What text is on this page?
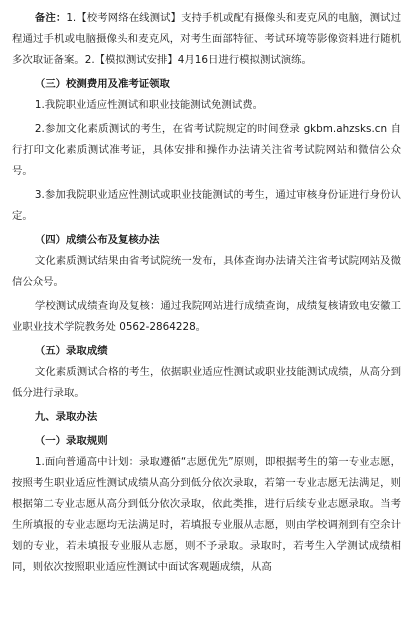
备注：1.【校考网络在线测试】支持手机或配有摄像头和麦克风的电脑，测试过程通过手机或电脑摄像头和麦克风，对考生面部特征、考试环境等影像资料进行随机多次取证备案。2.【模拟测试安排】4月16日进行模拟测试演练。

（三）校测费用及准考证领取

1.我院职业适应性测试和职业技能测试免测试费。

2.参加文化素质测试的考生，在省考试院规定的时间登录 gkbm.ahzsks.cn 自行打印文化素质测试准考证，具体安排和操作办法请关注省考试院网站和微信公众号。

3.参加我院职业适应性测试或职业技能测试的考生，通过审核身份证进行身份认定。

（四）成绩公布及复核办法

文化素质测试结果由省考试院统一发布，具体查询办法请关注省考试院网站及微信公众号。

学校测试成绩查询及复核：通过我院网站进行成绩查询，成绩复核请致电安徽工业职业技术学院教务处 0562-2864228。

（五）录取成绩

文化素质测试合格的考生，依据职业适应性测试或职业技能测试成绩，从高分到低分进行录取。

九、录取办法

（一）录取规则

1.面向普通高中计划：录取遵循“志愿优先”原则，即根据考生的第一专业志愿，按照考生职业适应性测试成绩从高分到低分依次录取，若第一专业志愿无法满足，则根据第二专业志愿从高分到低分依次录取，依此类推，进行后续专业志愿录取。当考生所填报的专业志愿均无法满足时，若填报专业服从志愿，则由学校调剂到有空余计划的专业，若未填报专业服从志愿，则不予录取。录取时，若考生入学测试成绩相同，则依次按照职业适应性测试中面试客观题成绩，从高
